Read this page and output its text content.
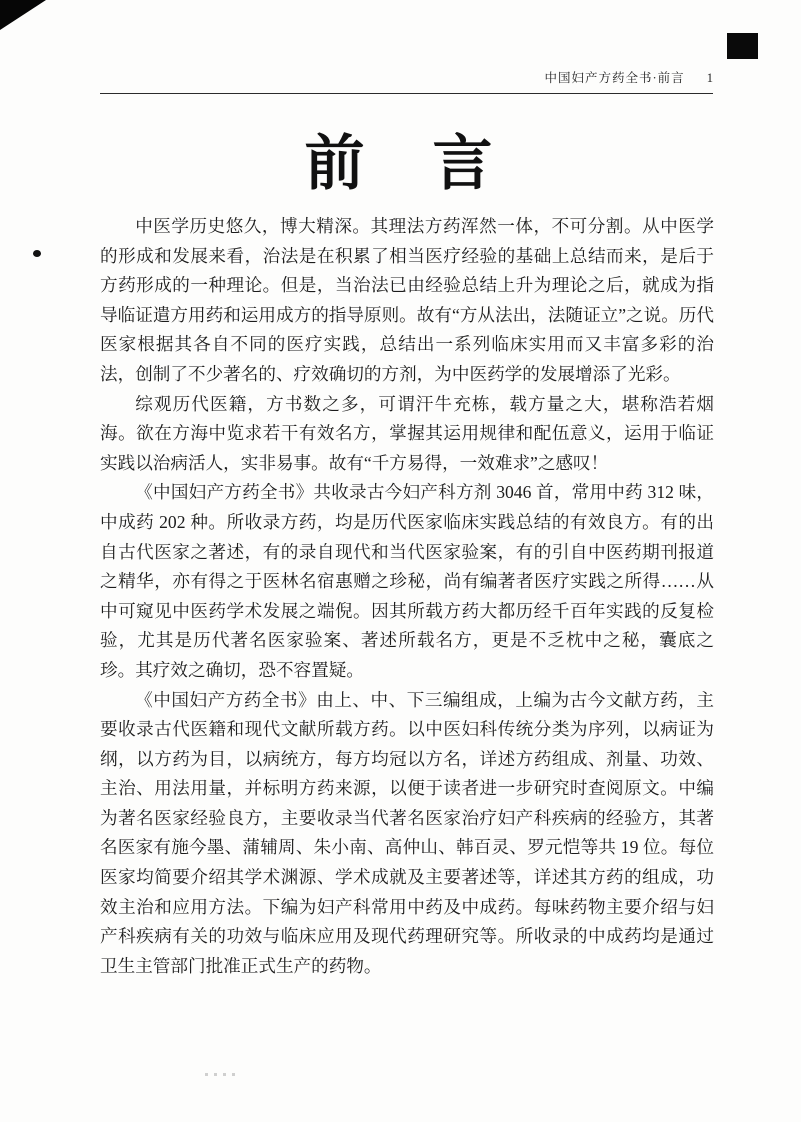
中国妇产方药全书·前言 1
前　言

中医学历史悠久，博大精深。其理法方药浑然一体，不可分割。从中医学的形成和发展来看，治法是在积累了相当医疗经验的基础上总结而来，是后于方药形成的一种理论。但是，当治法已由经验总结上升为理论之后，就成为指导临证遣方用药和运用成方的指导原则。故有“方从法出，法随证立”之说。历代医家根据其各自不同的医疗实践，总结出一系列临床实用而又丰富多彩的治法，创制了不少著名的、疗效确切的方剂，为中医药学的发展增添了光彩。

综观历代医籍，方书数之多，可谓汗牛充栋，载方量之大，堪称浩若烟海。欲在方海中览求若干有效名方，掌握其运用规律和配伍意义，运用于临证实践以治病活人，实非易事。故有“千方易得，一效难求”之感叹！

《中国妇产方药全书》共收录古今妇产科方剂 3046 首，常用中药 312 味，中成药 202 种。所收录方药，均是历代医家临床实践总结的有效良方。有的出自古代医家之著述，有的录自现代和当代医家验案，有的引自中医药期刊报道之精华，亦有得之于医林名宿惠赠之珍秘，尚有编著者医疗实践之所得……从中可窥见中医药学术发展之端倪。因其所载方药大都历经千百年实践的反复检验，尤其是历代著名医家验案、著述所载名方，更是不乏枕中之秘，囊底之珍。其疗效之确切，恐不容置疑。

《中国妇产方药全书》由上、中、下三编组成，上编为古今文献方药，主要收录古代医籍和现代文献所载方药。以中医妇科传统分类为序列，以病证为纲，以方药为目，以病统方，每方均冠以方名，详述方药组成、剂量、功效、主治、用法用量，并标明方药来源，以便于读者进一步研究时查阅原文。中编为著名医家经验良方，主要收录当代著名医家治疗妇产科疾病的经验方，其著名医家有施今墨、蒲辅周、朱小南、高仲山、韩百灵、罗元恺等共 19 位。每位医家均简要介绍其学术渊源、学术成就及主要著述等，详述其方药的组成，功效主治和应用方法。下编为妇产科常用中药及中成药。每味药物主要介绍与妇产科疾病有关的功效与临床应用及现代药理研究等。所收录的中成药均是通过卫生主管部门批准正式生产的药物。
